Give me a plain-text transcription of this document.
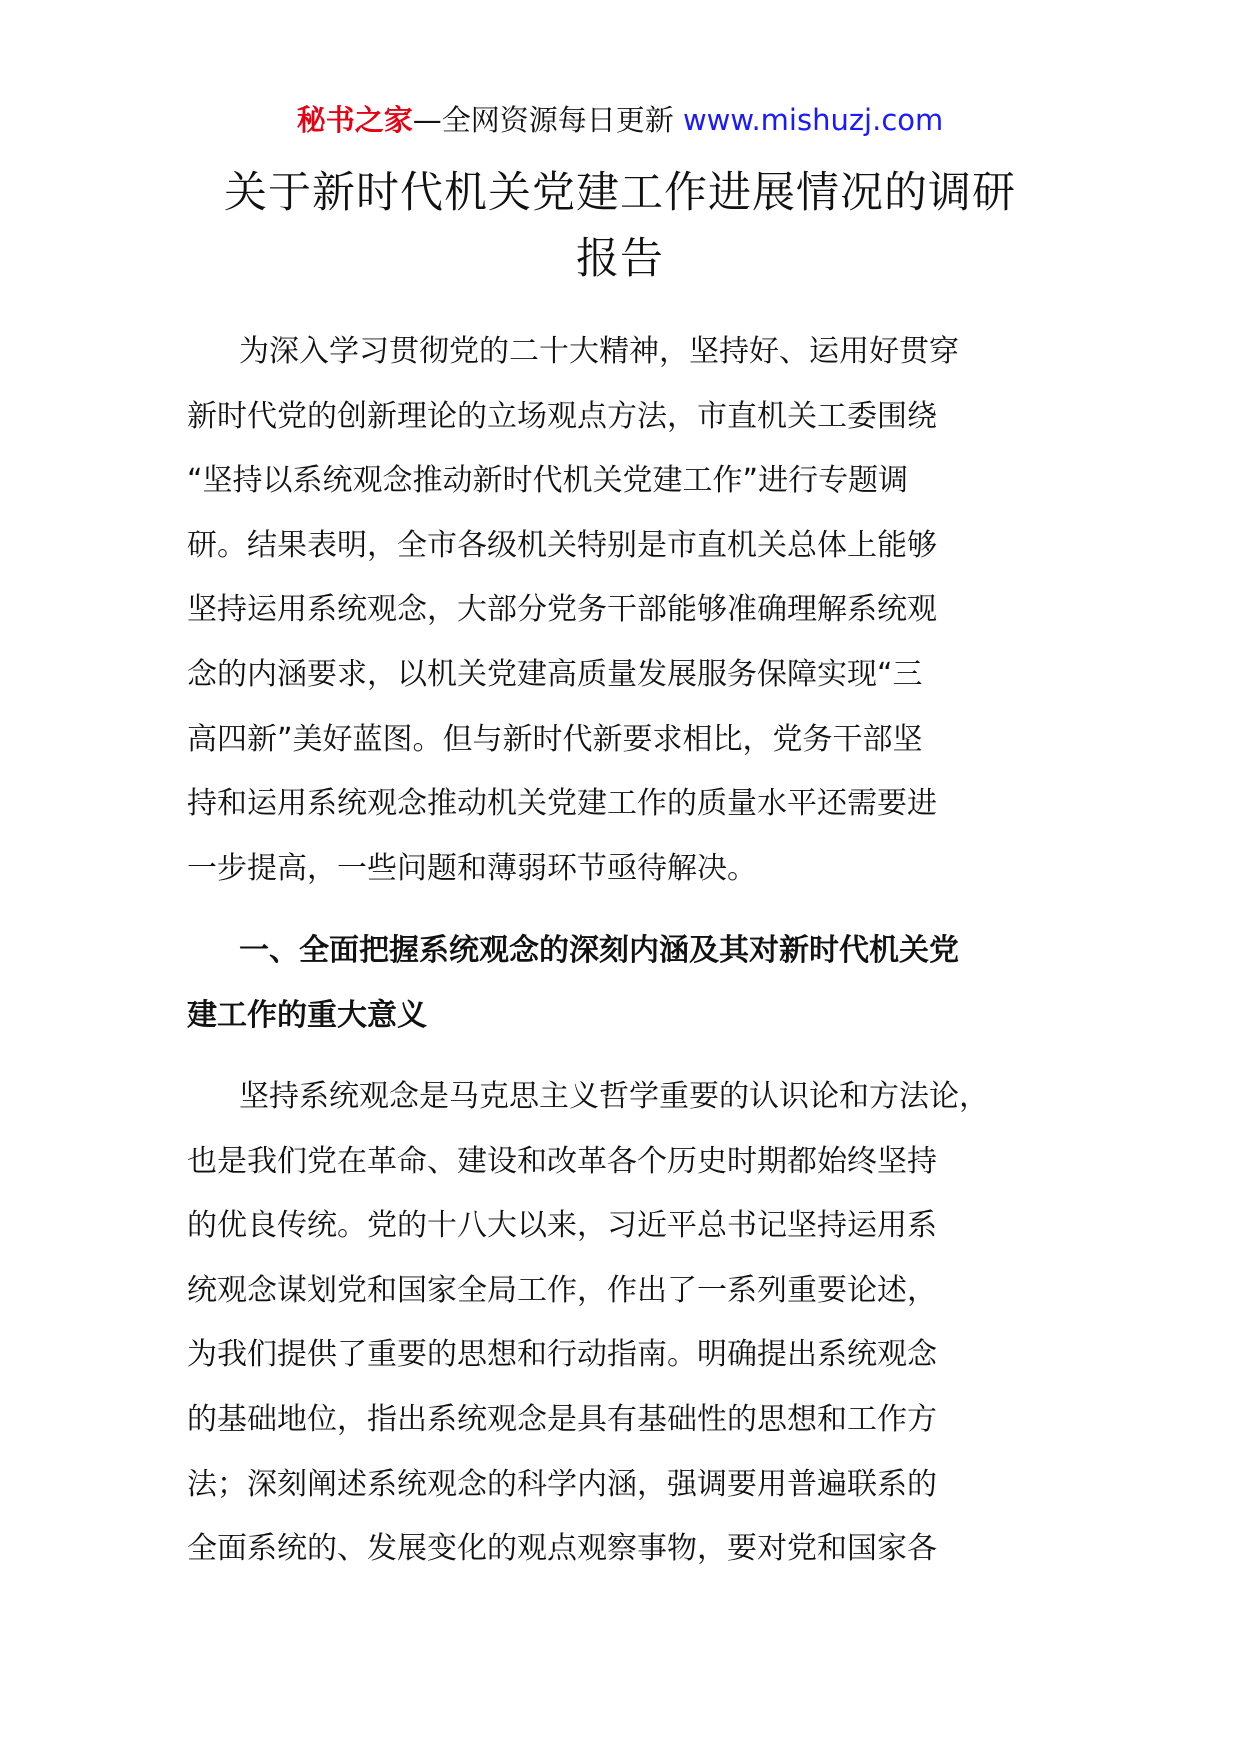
秘书之家—全网资源每日更新 www.mishuzj.com
关于新时代机关党建工作进展情况的调研
报告
为深入学习贯彻党的二十大精神，坚持好、运用好贯穿
新时代党的创新理论的立场观点方法，市直机关工委围绕
“坚持以系统观念推动新时代机关党建工作”进行专题调
研。结果表明，全市各级机关特别是市直机关总体上能够
坚持运用系统观念，大部分党务干部能够准确理解系统观
念的内涵要求，以机关党建高质量发展服务保障实现“三
高四新”美好蓝图。但与新时代新要求相比，党务干部坚
持和运用系统观念推动机关党建工作的质量水平还需要进
一步提高，一些问题和薄弱环节亟待解决。
一、全面把握系统观念的深刻内涵及其对新时代机关党
建工作的重大意义
坚持系统观念是马克思主义哲学重要的认识论和方法论，
也是我们党在革命、建设和改革各个历史时期都始终坚持
的优良传统。党的十八大以来，习近平总书记坚持运用系
统观念谋划党和国家全局工作，作出了一系列重要论述，
为我们提供了重要的思想和行动指南。明确提出系统观念
的基础地位，指出系统观念是具有基础性的思想和工作方
法；深刻阐述系统观念的科学内涵，强调要用普遍联系的
全面系统的、发展变化的观点观察事物，要对党和国家各
